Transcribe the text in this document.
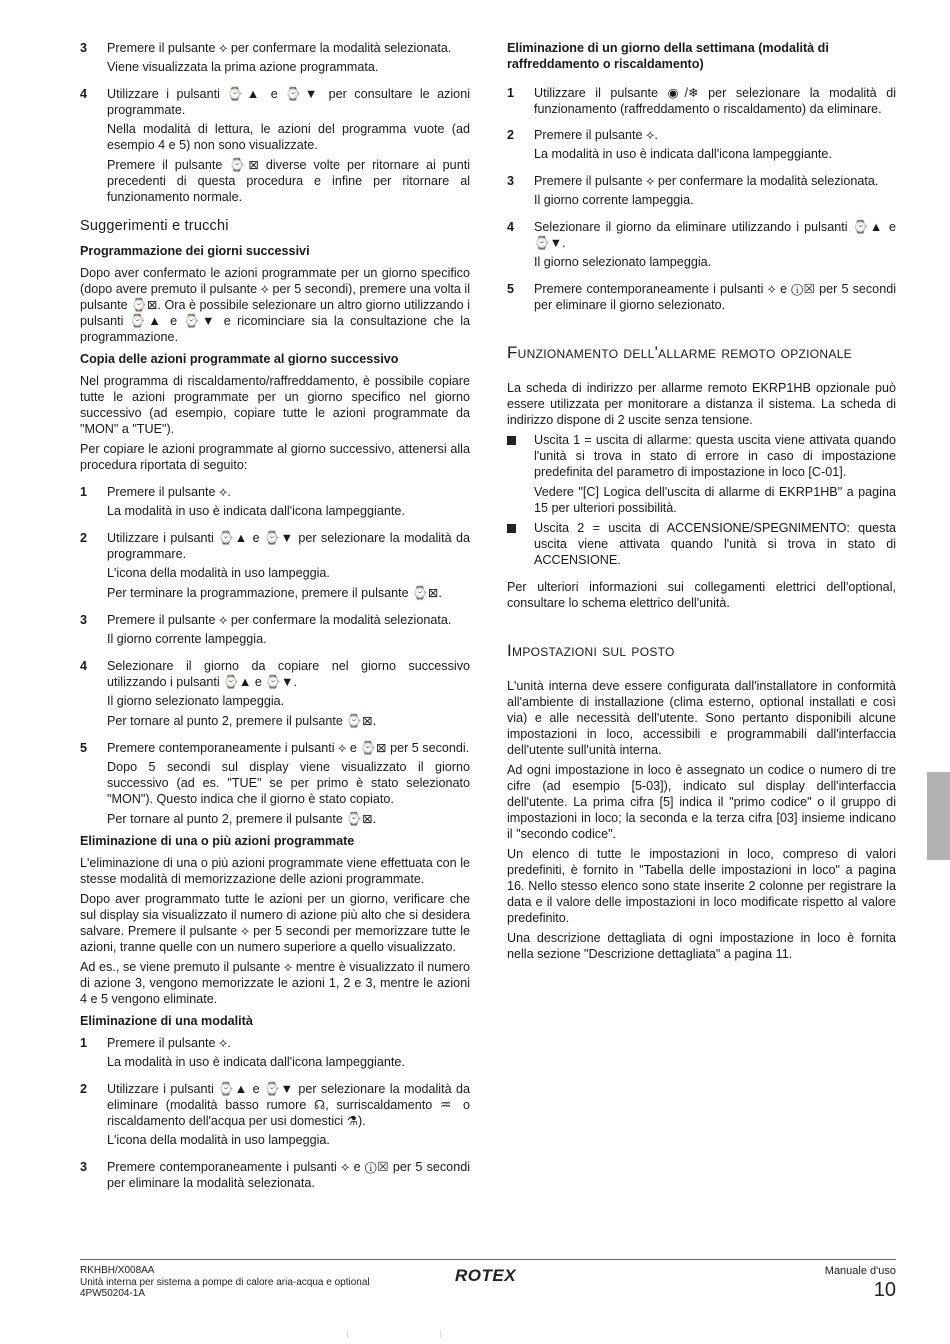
3 Premere il pulsante ⟡ per confermare la modalità selezionata.

Viene visualizzata la prima azione programmata.

4 Utilizzare i pulsanti ⌚▲ e ⌚▼ per consultare le azioni programmate.

Nella modalità di lettura, le azioni del programma vuote (ad esempio 4 e 5) non sono visualizzate.

Premere il pulsante ⌚⊠ diverse volte per ritornare ai punti precedenti di questa procedura e infine per ritornare al funzionamento normale.

Suggerimenti e trucchi
Programmazione dei giorni successivi

Dopo aver confermato le azioni programmate per un giorno specifico (dopo avere premuto il pulsante ⟡ per 5 secondi), premere una volta il pulsante ⌚⊠. Ora è possibile selezionare un altro giorno utilizzando i pulsanti ⌚▲ e ⌚▼ e ricominciare sia la consultazione che la programmazione.

Copia delle azioni programmate al giorno successivo

Nel programma di riscaldamento/raffreddamento, è possibile copiare tutte le azioni programmate per un giorno specifico nel giorno successivo (ad esempio, copiare tutte le azioni programmate da "MON" a "TUE").

Per copiare le azioni programmate al giorno successivo, attenersi alla procedura riportata di seguito:

1 Premere il pulsante ⟡.

La modalità in uso è indicata dall'icona lampeggiante.

2 Utilizzare i pulsanti ⌚▲ e ⌚▼ per selezionare la modalità da programmare.

L'icona della modalità in uso lampeggia.

Per terminare la programmazione, premere il pulsante ⌚⊠.

3 Premere il pulsante ⟡ per confermare la modalità selezionata.

Il giorno corrente lampeggia.

4 Selezionare il giorno da copiare nel giorno successivo utilizzando i pulsanti ⌚▲ e ⌚▼.

Il giorno selezionato lampeggia.

Per tornare al punto 2, premere il pulsante ⌚⊠.

5 Premere contemporaneamente i pulsanti ⟡ e ⌚⊠ per 5 secondi.

Dopo 5 secondi sul display viene visualizzato il giorno successivo (ad es. "TUE" se per primo è stato selezionato "MON"). Questo indica che il giorno è stato copiato.

Per tornare al punto 2, premere il pulsante ⌚⊠.

Eliminazione di una o più azioni programmate

L'eliminazione di una o più azioni programmate viene effettuata con le stesse modalità di memorizzazione delle azioni programmate.

Dopo aver programmato tutte le azioni per un giorno, verificare che sul display sia visualizzato il numero di azione più alto che si desidera salvare. Premere il pulsante ⟡ per 5 secondi per memorizzare tutte le azioni, tranne quelle con un numero superiore a quello visualizzato.

Ad es., se viene premuto il pulsante ⟡ mentre è visualizzato il numero di azione 3, vengono memorizzate le azioni 1, 2 e 3, mentre le azioni 4 e 5 vengono eliminate.

Eliminazione di una modalità
1 Premere il pulsante ⟡.

La modalità in uso è indicata dall'icona lampeggiante.

2 Utilizzare i pulsanti ⌚▲ e ⌚▼ per selezionare la modalità da eliminare (modalità basso rumore ☊, surriscaldamento ♒ o riscaldamento dell'acqua per usi domestici ⚗).

L'icona della modalità in uso lampeggia.

3 Premere contemporaneamente i pulsanti ⟡ e ⓘ☒ per 5 secondi per eliminare la modalità selezionata.
Eliminazione di un giorno della settimana (modalità di raffreddamento o riscaldamento)
1 Utilizzare il pulsante ◉/❄ per selezionare la modalità di funzionamento (raffreddamento o riscaldamento) da eliminare.
2 Premere il pulsante ⟡.

La modalità in uso è indicata dall'icona lampeggiante.

3 Premere il pulsante ⟡ per confermare la modalità selezionata.

Il giorno corrente lampeggia.

4 Selezionare il giorno da eliminare utilizzando i pulsanti ⌚▲ e ⌚▼.

Il giorno selezionato lampeggia.

5 Premere contemporaneamente i pulsanti ⟡ e ⓘ☒ per 5 secondi per eliminare il giorno selezionato.
Funzionamento dell'allarme remoto opzionale

La scheda di indirizzo per allarme remoto EKRP1HB opzionale può essere utilizzata per monitorare a distanza il sistema. La scheda di indirizzo dispone di 2 uscite senza tensione.

Uscita 1 = uscita di allarme: questa uscita viene attivata quando l'unità si trova in stato di errore in caso di impostazione predefinita del parametro di impostazione in loco [C-01].

Vedere "[C] Logica dell'uscita di allarme di EKRP1HB" a pagina 15 per ulteriori possibilità.

Uscita 2 = uscita di ACCENSIONE/SPEGNIMENTO: questa uscita viene attivata quando l'unità si trova in stato di ACCENSIONE.

Per ulteriori informazioni sui collegamenti elettrici dell'optional, consultare lo schema elettrico dell'unità.

Impostazioni sul posto

L'unità interna deve essere configurata dall'installatore in conformità all'ambiente di installazione (clima esterno, optional installati e così via) e alle necessità dell'utente. Sono pertanto disponibili alcune impostazioni in loco, accessibili e programmabili dall'interfaccia dell'utente sull'unità interna.

Ad ogni impostazione in loco è assegnato un codice o numero di tre cifre (ad esempio [5-03]), indicato sul display dell'interfaccia dell'utente. La prima cifra [5] indica il "primo codice" o il gruppo di impostazioni in loco; la seconda e la terza cifra [03] insieme indicano il "secondo codice".

Un elenco di tutte le impostazioni in loco, compreso di valori predefiniti, è fornito in "Tabella delle impostazioni in loco" a pagina 16. Nello stesso elenco sono state inserite 2 colonne per registrare la data e il valore delle impostazioni in loco modificate rispetto al valore predefinito.

Una descrizione dettagliata di ogni impostazione in loco è fornita nella sezione "Descrizione dettagliata" a pagina 11.

RKHBH/X008AA
Unità interna per sistema a pompe di calore aria-acqua e optional
4PW50204-1A
ROTEX	Manuale d'uso
10
